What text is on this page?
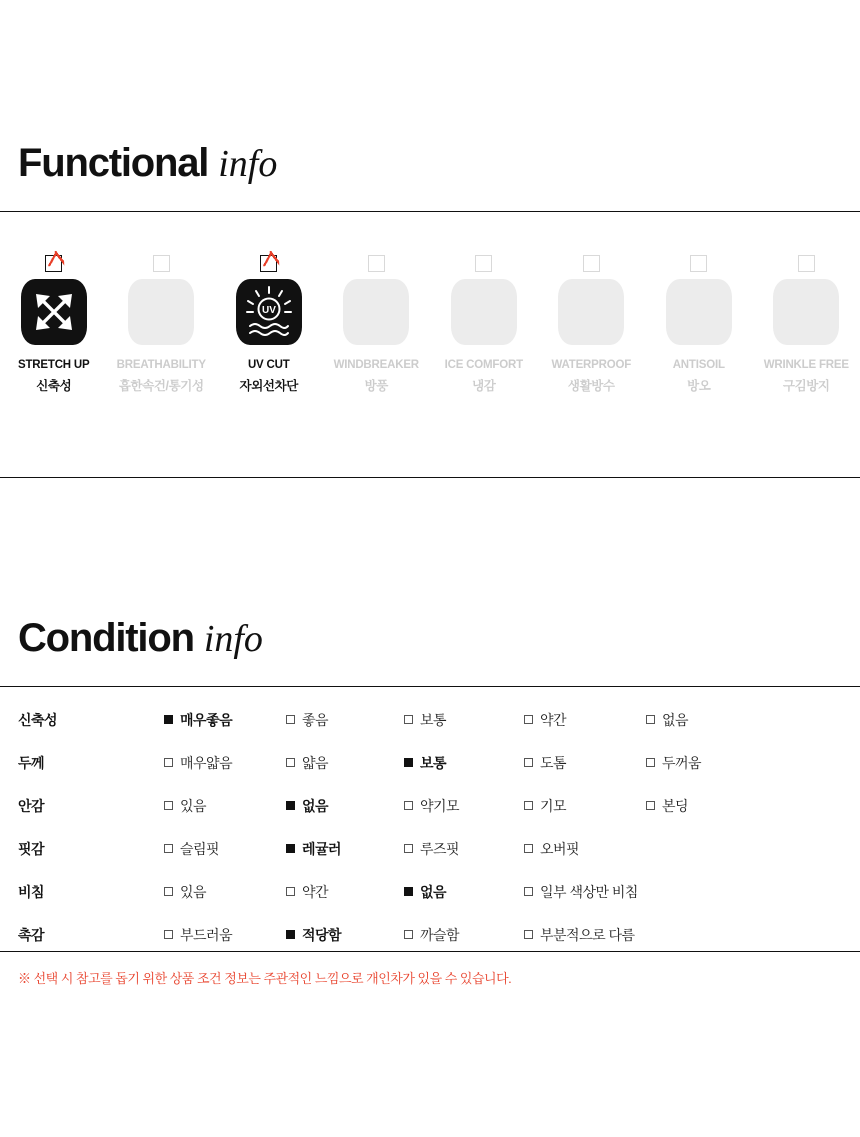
Functional info
STRETCH UP
신축성
BREATHABILITY
흡한속건/통기성
UV
UV CUT
자외선차단
WINDBREAKER
방풍
ICE COMFORT
냉감
WATERPROOF
생활방수
ANTISOIL
방오
WRINKLE FREE
구김방지
Condition info
신축성	매우좋음	좋음	보통	약간	없음
두께	매우얇음	얇음	보통	도톰	두꺼움
안감	있음	없음	약기모	기모	본딩
핏감	슬림핏	레귤러	루즈핏	오버핏
비침	있음	약간	없음	일부 색상만 비침
촉감	부드러움	적당함	까슬함	부분적으로 다름
※ 선택 시 참고를 돕기 위한 상품 조건 정보는 주관적인 느낌으로 개인차가 있을 수 있습니다.
